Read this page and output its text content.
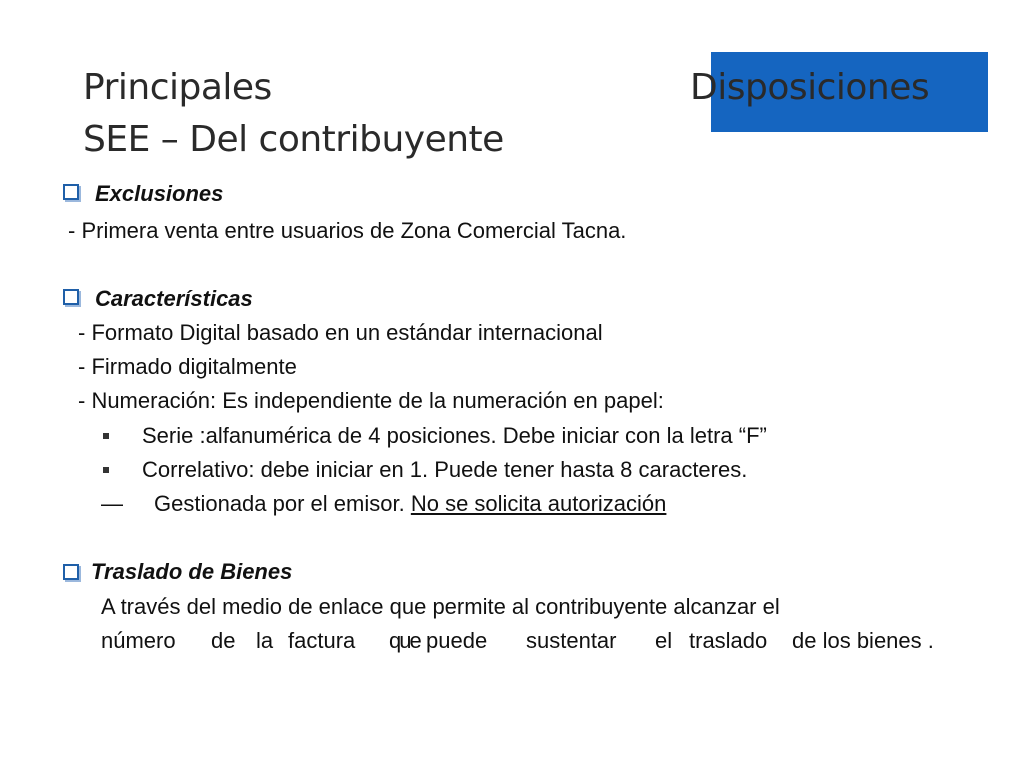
Principales	Disposiciones
SEE – Del contribuyente
Exclusiones
- Primera venta entre usuarios de Zona Comercial Tacna.
Características
- Formato Digital basado en un estándar internacional
- Firmado digitalmente
- Numeración: Es independiente de la numeración en papel:
Serie :alfanumérica de 4 posiciones. Debe iniciar con la letra “F”
Correlativo: debe iniciar en 1. Puede tener hasta 8 caracteres.
— Gestionada por el emisor. No se solicita autorización
Traslado de Bienes
A través del medio de enlace que permite al contribuyente alcanzar el
número de la factura que puede sustentar el traslado de los bienes .
